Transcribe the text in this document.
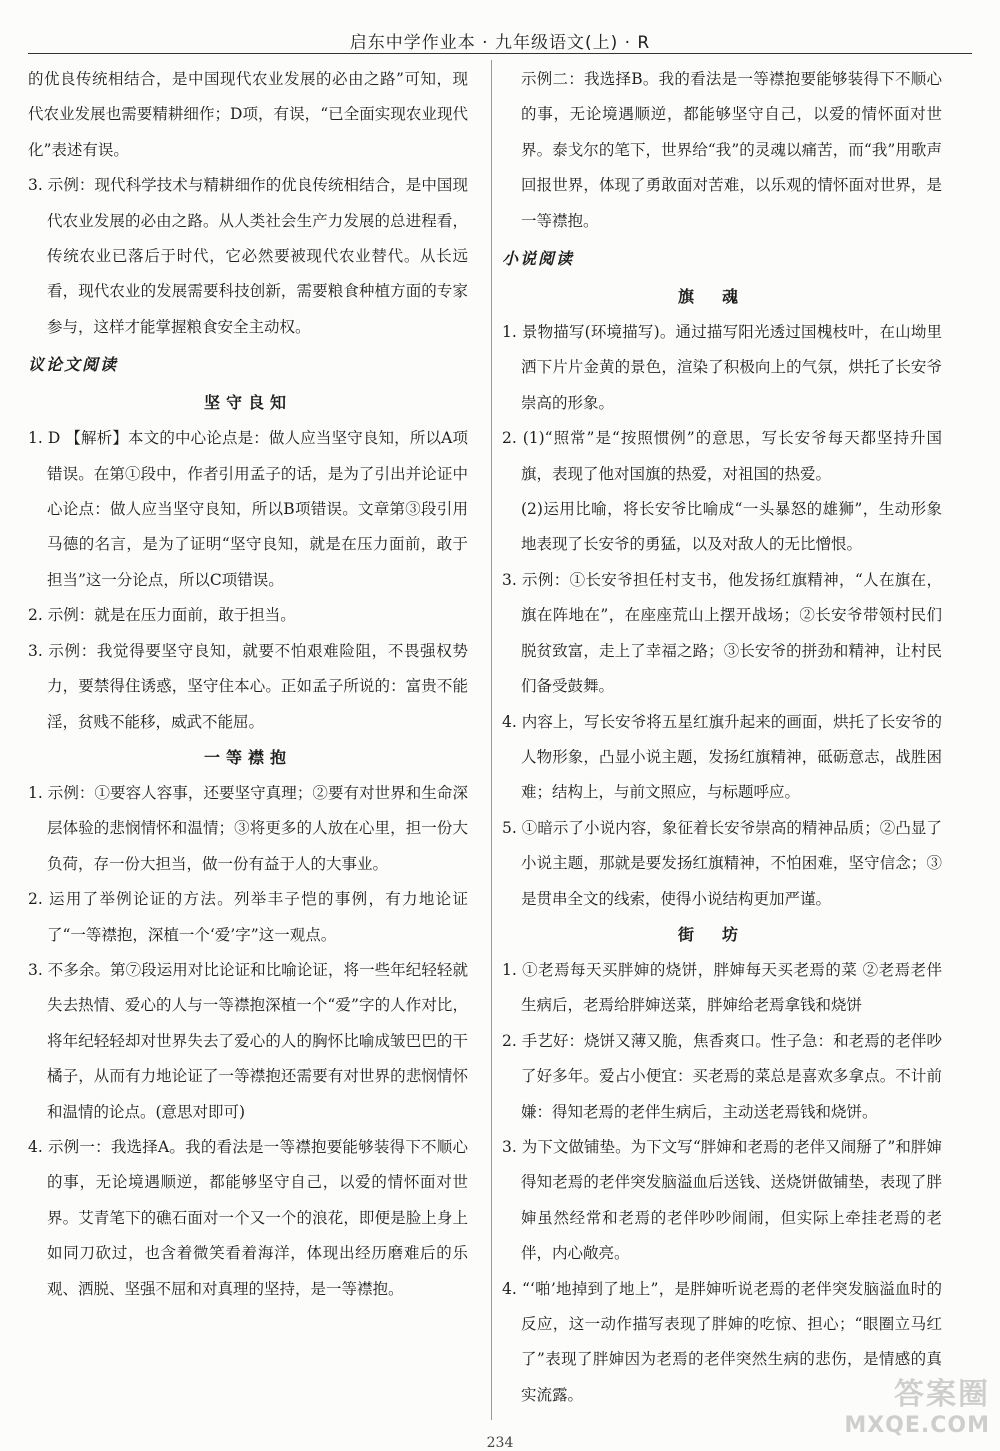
启东中学作业本 · 九年级语文(上) · R

的优良传统相结合，是中国现代农业发展的必由之路”可知，现代农业发展也需要精耕细作；D项，有误，“已全面实现农业现代化”表述有误。

3. 示例：现代科学技术与精耕细作的优良传统相结合，是中国现代农业发展的必由之路。从人类社会生产力发展的总进程看，传统农业已落后于时代，它必然要被现代农业替代。从长远看，现代农业的发展需要科技创新，需要粮食种植方面的专家参与，这样才能掌握粮食安全主动权。

议论文阅读
坚守良知

1. D 【解析】本文的中心论点是：做人应当坚守良知，所以A项错误。在第①段中，作者引用孟子的话，是为了引出并论证中心论点：做人应当坚守良知，所以B项错误。文章第③段引用马德的名言，是为了证明“坚守良知，就是在压力面前，敢于担当”这一分论点，所以C项错误。

2. 示例：就是在压力面前，敢于担当。

3. 示例：我觉得要坚守良知，就要不怕艰难险阻，不畏强权势力，要禁得住诱惑，坚守住本心。正如孟子所说的：富贵不能淫，贫贱不能移，威武不能屈。

一等襟抱

1. 示例：①要容人容事，还要坚守真理；②要有对世界和生命深层体验的悲悯情怀和温情；③将更多的人放在心里，担一份大负荷，存一份大担当，做一份有益于人的大事业。

2. 运用了举例论证的方法。列举丰子恺的事例，有力地论证了“一等襟抱，深植一个‘爱’字”这一观点。

3. 不多余。第⑦段运用对比论证和比喻论证，将一些年纪轻轻就失去热情、爱心的人与一等襟抱深植一个“爱”字的人作对比，将年纪轻轻却对世界失去了爱心的人的胸怀比喻成皱巴巴的干橘子，从而有力地论证了一等襟抱还需要有对世界的悲悯情怀和温情的论点。(意思对即可)

4. 示例一：我选择A。我的看法是一等襟抱要能够装得下不顺心的事，无论境遇顺逆，都能够坚守自己，以爱的情怀面对世界。艾青笔下的礁石面对一个又一个的浪花，即便是脸上身上如同刀砍过，也含着微笑看着海洋，体现出经历磨难后的乐观、洒脱、坚强不屈和对真理的坚持，是一等襟抱。

示例二：我选择B。我的看法是一等襟抱要能够装得下不顺心的事，无论境遇顺逆，都能够坚守自己，以爱的情怀面对世界。泰戈尔的笔下，世界给“我”的灵魂以痛苦，而“我”用歌声回报世界，体现了勇敢面对苦难，以乐观的情怀面对世界，是一等襟抱。

小说阅读
旗魂

1. 景物描写(环境描写)。通过描写阳光透过国槐枝叶，在山坳里洒下片片金黄的景色，渲染了积极向上的气氛，烘托了长安爷崇高的形象。

2. (1)“照常”是“按照惯例”的意思，写长安爷每天都坚持升国旗，表现了他对国旗的热爱，对祖国的热爱。

(2)运用比喻，将长安爷比喻成“一头暴怒的雄狮”，生动形象地表现了长安爷的勇猛，以及对敌人的无比憎恨。

3. 示例：①长安爷担任村支书，他发扬红旗精神，“人在旗在，旗在阵地在”，在座座荒山上摆开战场；②长安爷带领村民们脱贫致富，走上了幸福之路；③长安爷的拼劲和精神，让村民们备受鼓舞。

4. 内容上，写长安爷将五星红旗升起来的画面，烘托了长安爷的人物形象，凸显小说主题，发扬红旗精神，砥砺意志，战胜困难；结构上，与前文照应，与标题呼应。

5. ①暗示了小说内容，象征着长安爷崇高的精神品质；②凸显了小说主题，那就是要发扬红旗精神，不怕困难，坚守信念；③是贯串全文的线索，使得小说结构更加严谨。

街坊

1. ①老焉每天买胖婶的烧饼，胖婶每天买老焉的菜 ②老焉老伴生病后，老焉给胖婶送菜，胖婶给老焉拿钱和烧饼

2. 手艺好：烧饼又薄又脆，焦香爽口。性子急：和老焉的老伴吵了好多年。爱占小便宜：买老焉的菜总是喜欢多拿点。不计前嫌：得知老焉的老伴生病后，主动送老焉钱和烧饼。

3. 为下文做铺垫。为下文写“胖婶和老焉的老伴又闹掰了”和胖婶得知老焉的老伴突发脑溢血后送钱、送烧饼做铺垫，表现了胖婶虽然经常和老焉的老伴吵吵闹闹，但实际上牵挂老焉的老伴，内心敞亮。

4. “‘啪’地掉到了地上”，是胖婶听说老焉的老伴突发脑溢血时的反应，这一动作描写表现了胖婶的吃惊、担心；“眼圈立马红了”表现了胖婶因为老焉的老伴突然生病的悲伤，是情感的真实流露。

234
答案圈
MXQE.COM
